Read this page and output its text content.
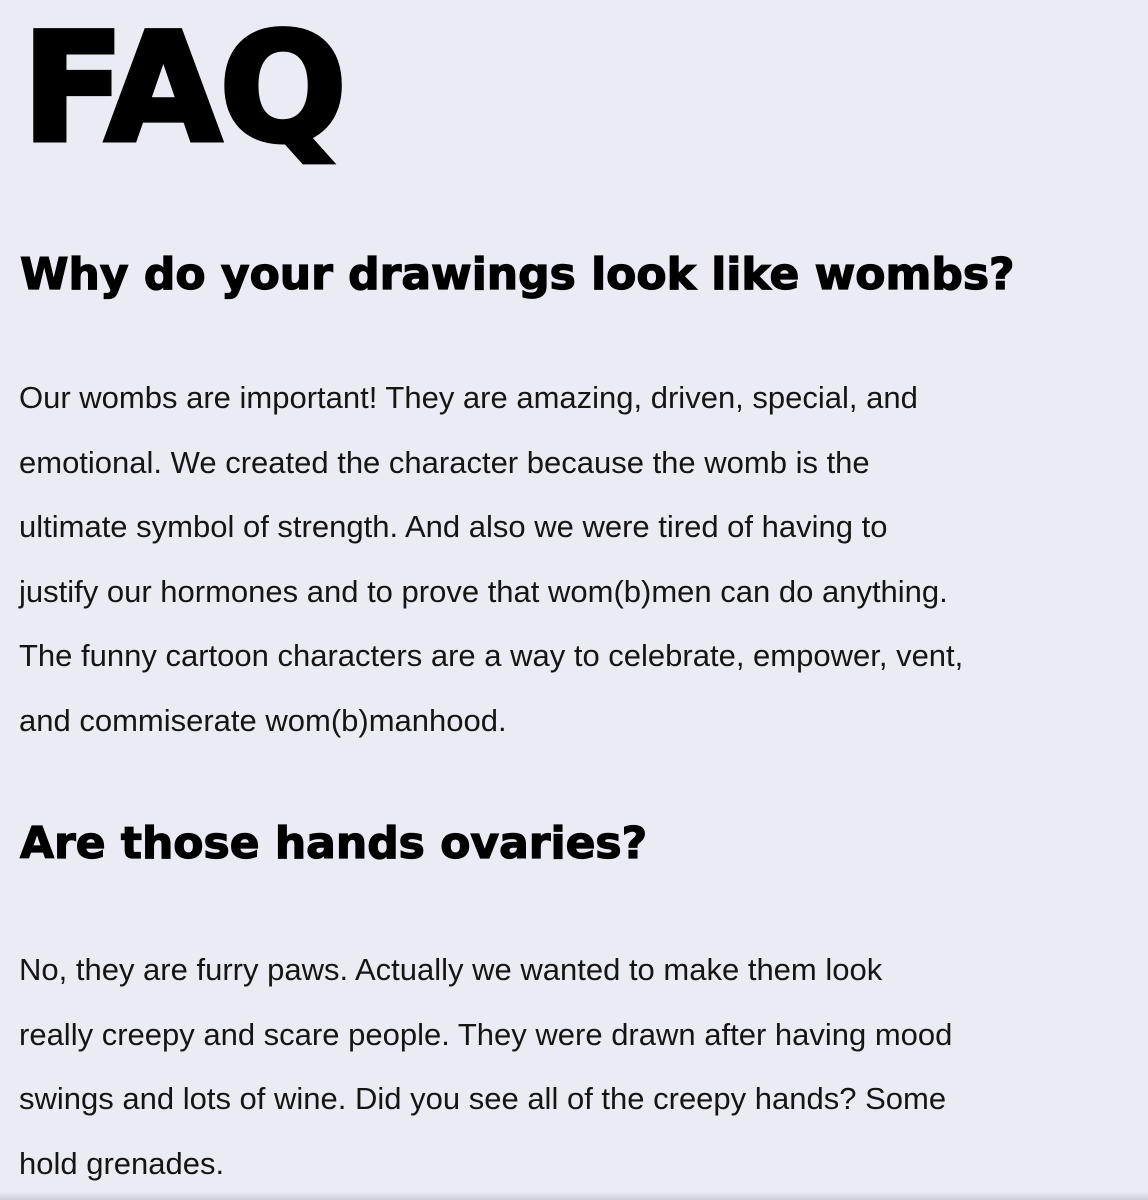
FAQ
Why do your drawings look like wombs?
Our wombs are important! They are amazing, driven, special, and
emotional. We created the character because the womb is the
ultimate symbol of strength. And also we were tired of having to
justify our hormones and to prove that wom(b)men can do anything.
The funny cartoon characters are a way to celebrate, empower, vent,
and commiserate wom(b)manhood.
Are those hands ovaries?
No, they are furry paws. Actually we wanted to make them look
really creepy and scare people. They were drawn after having mood
swings and lots of wine. Did you see all of the creepy hands? Some
hold grenades.
